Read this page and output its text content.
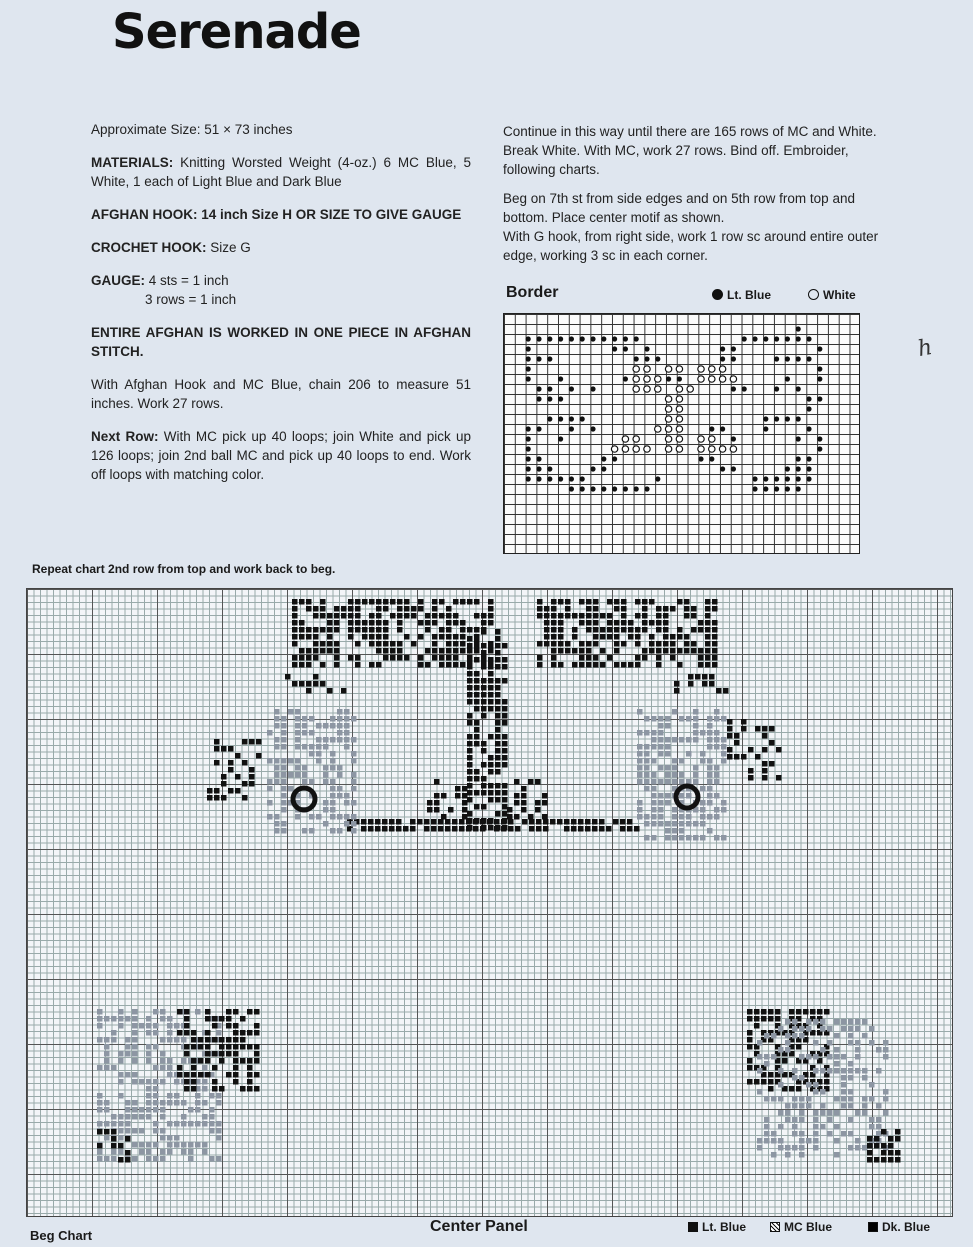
Serenade

Approximate Size: 51 × 73 inches

MATERIALS: Knitting Worsted Weight (4-oz.) 6 MC Blue, 5 White, 1 each of Light Blue and Dark Blue

AFGHAN HOOK: 14 inch Size H OR SIZE TO GIVE GAUGE

CROCHET HOOK: Size G

GAUGE: 4 sts = 1 inch
3 rows = 1 inch

ENTIRE AFGHAN IS WORKED IN ONE PIECE IN AFGHAN STITCH.

With Afghan Hook and MC Blue, chain 206 to measure 51 inches. Work 27 rows.

Next Row: With MC pick up 40 loops; join White and pick up 126 loops; join 2nd ball MC and pick up 40 loops to end. Work off loops with matching color.

Continue in this way until there are 165 rows of MC and White. Break White. With MC, work 27 rows. Bind off. Embroider, following charts.

Beg on 7th st from side edges and on 5th row from top and bottom. Place center motif as shown.

With G hook, from right side, work 1 row sc around entire outer edge, working 3 sc in each corner.

Border	Lt. Blue	White
ℎ
Repeat chart 2nd row from top and work back to beg.
Beg Chart
Center Panel	Lt. Blue	MC Blue	Dk. Blue
